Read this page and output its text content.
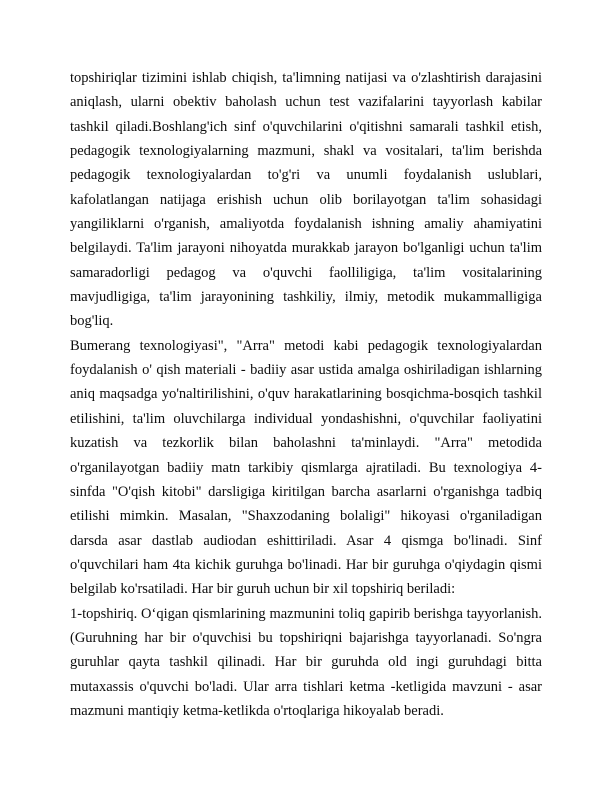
topshiriqlar tizimini ishlab chiqish, ta'limning natijasi va o'zlashtirish darajasini aniqlash, ularni obektiv baholash uchun test vazifalarini tayyorlash kabilar tashkil qiladi.Boshlang'ich sinf o'quvchilarini o'qitishni samarali tashkil etish, pedagogik texnologiyalarning mazmuni, shakl va vositalari, ta'lim berishda pedagogik texnologiyalardan to'g'ri va unumli foydalanish uslublari, kafolatlangan natijaga erishish uchun olib borilayotgan ta'lim sohasidagi yangiliklarni o'rganish, amaliyotda foydalanish ishning amaliy ahamiyatini belgilaydi. Ta'lim jarayoni nihoyatda murakkab jarayon bo'lganligi uchun ta'lim samaradorligi pedagog va o'quvchi faolliligiga, ta'lim vositalarining mavjudligiga, ta'lim jarayonining tashkiliy, ilmiy, metodik mukammalligiga bog'liq.

Bumerang texnologiyasi", "Arra" metodi kabi pedagogik texnologiyalardan foydalanish o' qish materiali - badiiy asar ustida amalga oshiriladigan ishlarning aniq maqsadga yo'naltirilishini, o'quv harakatlarining bosqichma-bosqich tashkil etilishini, ta'lim oluvchilarga individual yondashishni, o'quvchilar faoliyatini kuzatish va tezkorlik bilan baholashni ta'minlaydi. "Arra" metodida o'rganilayotgan badiiy matn tarkibiy qismlarga ajratiladi. Bu texnologiya 4-sinfda "O'qish kitobi" darsligiga kiritilgan barcha asarlarni o'rganishga tadbiq etilishi mimkin. Masalan, "Shaxzodaning bolaligi" hikoyasi o'rganiladigan darsda asar dastlab audiodan eshittiriladi. Asar 4 qismga bo'linadi. Sinf o'quvchilari ham 4ta kichik guruhga bo'linadi. Har bir guruhga o'qiydagin qismi belgilab ko'rsatiladi. Har bir guruh uchun bir xil topshiriq beriladi:

1-topshiriq. O‘qigan qismlarining mazmunini toliq gapirib berishga tayyorlanish. (Guruhning har bir o'quvchisi bu topshiriqni bajarishga tayyorlanadi. So'ngra guruhlar qayta tashkil qilinadi. Har bir guruhda old ingi guruhdagi bitta mutaxassis o'quvchi bo'ladi. Ular arra tishlari ketma -ketligida mavzuni - asar mazmuni mantiqiy ketma-ketlikda o'rtoqlariga hikoyalab beradi.
